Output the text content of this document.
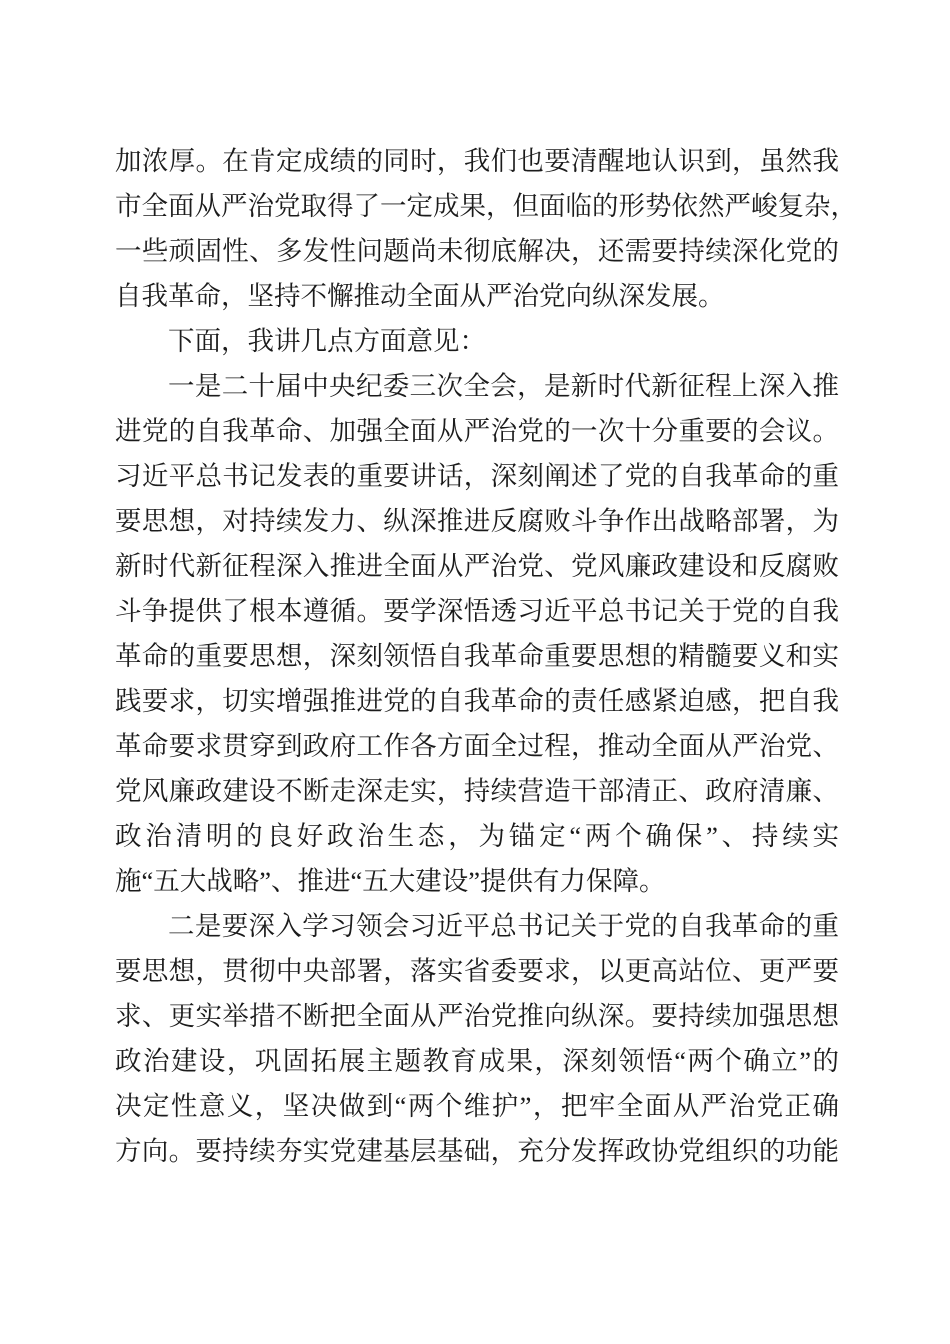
加浓厚。在肯定成绩的同时，我们也要清醒地认识到，虽然我
市全面从严治党取得了一定成果，但面临的形势依然严峻复杂，
一些顽固性、多发性问题尚未彻底解决，还需要持续深化党的
自我革命，坚持不懈推动全面从严治党向纵深发展。
下面，我讲几点方面意见：
一是二十届中央纪委三次全会，是新时代新征程上深入推
进党的自我革命、加强全面从严治党的一次十分重要的会议。
习近平总书记发表的重要讲话，深刻阐述了党的自我革命的重
要思想，对持续发力、纵深推进反腐败斗争作出战略部署，为
新时代新征程深入推进全面从严治党、党风廉政建设和反腐败
斗争提供了根本遵循。要学深悟透习近平总书记关于党的自我
革命的重要思想，深刻领悟自我革命重要思想的精髓要义和实
践要求，切实增强推进党的自我革命的责任感紧迫感，把自我
革命要求贯穿到政府工作各方面全过程，推动全面从严治党、
党风廉政建设不断走深走实，持续营造干部清正、政府清廉、
政治清明的良好政治生态，为锚定“两个确保”、持续实
施“五大战略”、推进“五大建设”提供有力保障。
二是要深入学习领会习近平总书记关于党的自我革命的重
要思想，贯彻中央部署，落实省委要求，以更高站位、更严要
求、更实举措不断把全面从严治党推向纵深。要持续加强思想
政治建设，巩固拓展主题教育成果，深刻领悟“两个确立”的
决定性意义，坚决做到“两个维护”，把牢全面从严治党正确
方向。要持续夯实党建基层基础，充分发挥政协党组织的功能
